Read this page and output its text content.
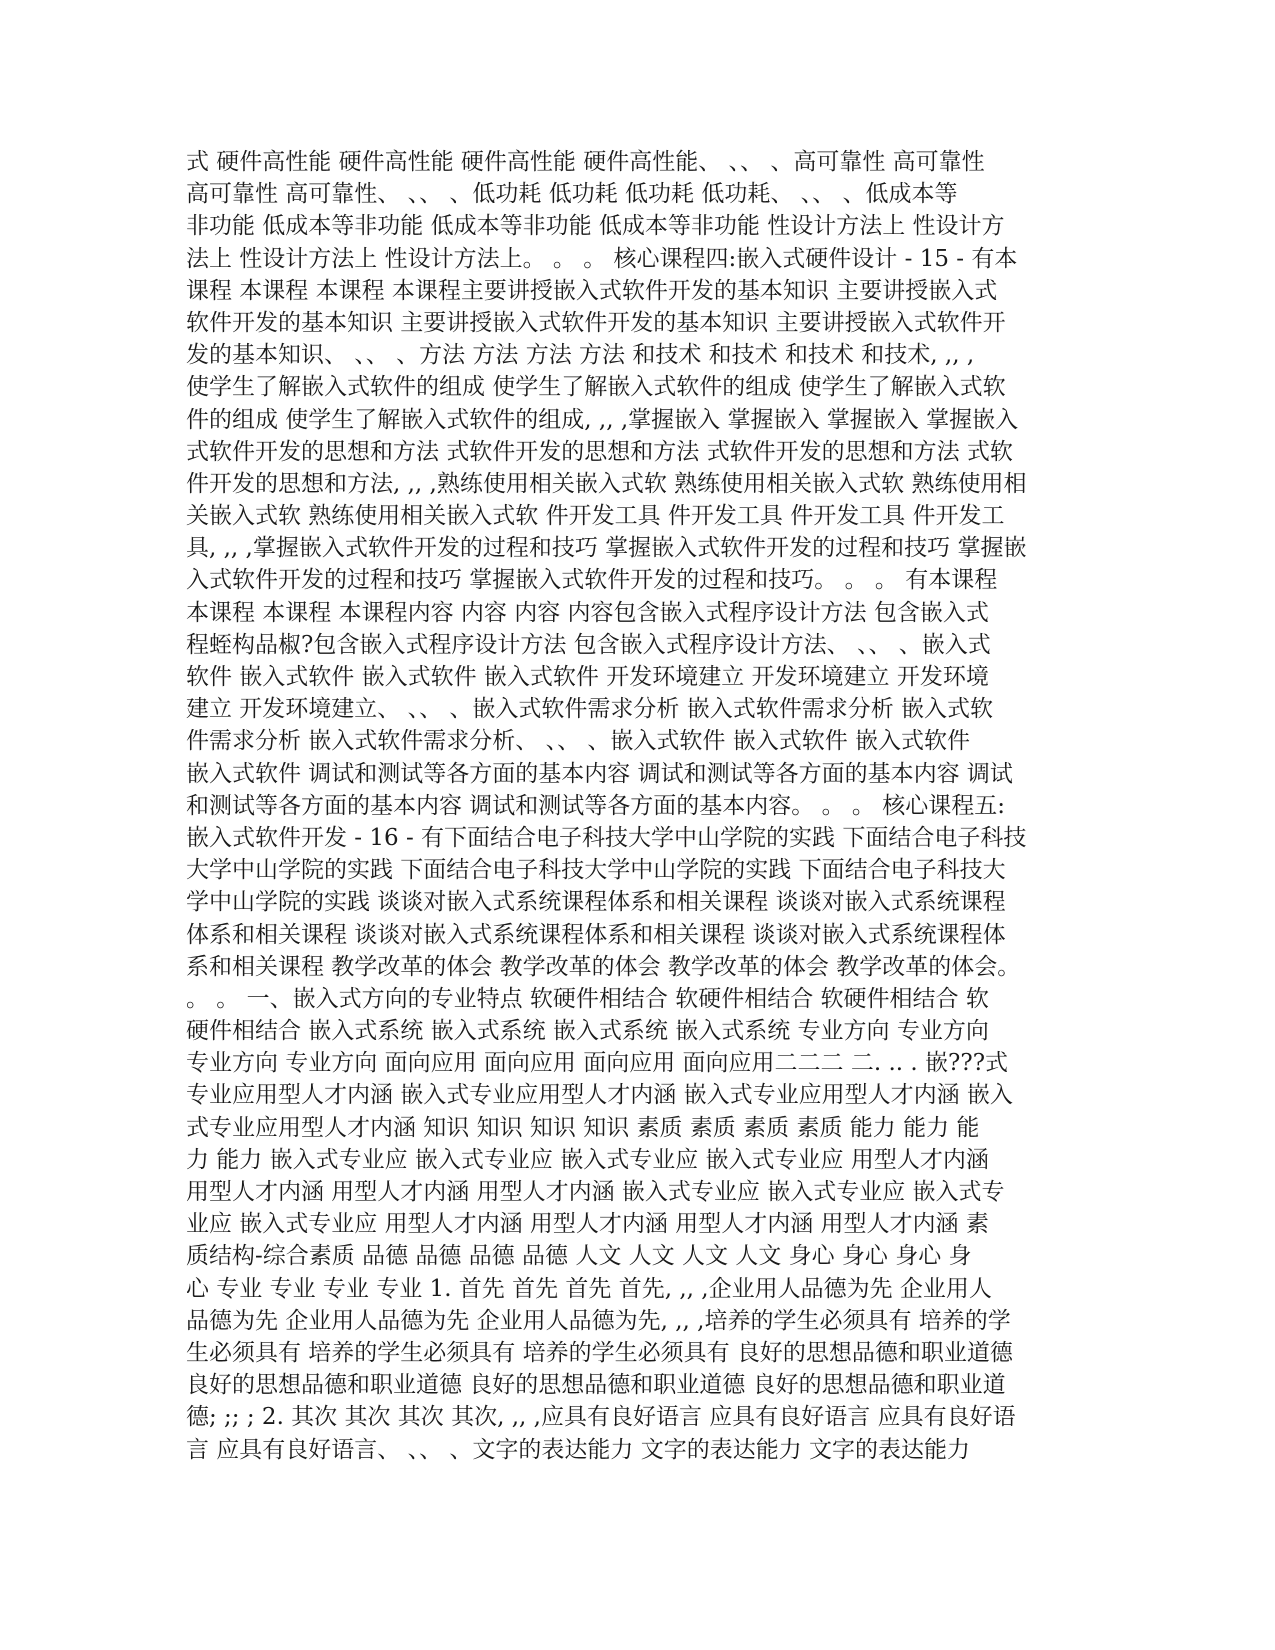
式 硬件高性能 硬件高性能 硬件高性能 硬件高性能、 、、 、高可靠性 高可靠性
高可靠性 高可靠性、 、、 、低功耗 低功耗 低功耗 低功耗、 、、 、低成本等
非功能 低成本等非功能 低成本等非功能 低成本等非功能 性设计方法上 性设计方
法上 性设计方法上 性设计方法上。 。 。 核心课程四:嵌入式硬件设计 - 15 - 有本
课程 本课程 本课程 本课程主要讲授嵌入式软件开发的基本知识 主要讲授嵌入式
软件开发的基本知识 主要讲授嵌入式软件开发的基本知识 主要讲授嵌入式软件开
发的基本知识、 、、 、方法 方法 方法 方法 和技术 和技术 和技术 和技术, ,, ,
使学生了解嵌入式软件的组成 使学生了解嵌入式软件的组成 使学生了解嵌入式软
件的组成 使学生了解嵌入式软件的组成, ,, ,掌握嵌入 掌握嵌入 掌握嵌入 掌握嵌入
式软件开发的思想和方法 式软件开发的思想和方法 式软件开发的思想和方法 式软
件开发的思想和方法, ,, ,熟练使用相关嵌入式软 熟练使用相关嵌入式软 熟练使用相
关嵌入式软 熟练使用相关嵌入式软 件开发工具 件开发工具 件开发工具 件开发工
具, ,, ,掌握嵌入式软件开发的过程和技巧 掌握嵌入式软件开发的过程和技巧 掌握嵌
入式软件开发的过程和技巧 掌握嵌入式软件开发的过程和技巧。 。 。 有本课程
本课程 本课程 本课程内容 内容 内容 内容包含嵌入式程序设计方法 包含嵌入式
程蛭构品椒?包含嵌入式程序设计方法 包含嵌入式程序设计方法、 、、 、嵌入式
软件 嵌入式软件 嵌入式软件 嵌入式软件 开发环境建立 开发环境建立 开发环境
建立 开发环境建立、 、、 、嵌入式软件需求分析 嵌入式软件需求分析 嵌入式软
件需求分析 嵌入式软件需求分析、 、、 、嵌入式软件 嵌入式软件 嵌入式软件
嵌入式软件 调试和测试等各方面的基本内容 调试和测试等各方面的基本内容 调试
和测试等各方面的基本内容 调试和测试等各方面的基本内容。 。 。 核心课程五:
嵌入式软件开发 - 16 - 有下面结合电子科技大学中山学院的实践 下面结合电子科技
大学中山学院的实践 下面结合电子科技大学中山学院的实践 下面结合电子科技大
学中山学院的实践 谈谈对嵌入式系统课程体系和相关课程 谈谈对嵌入式系统课程
体系和相关课程 谈谈对嵌入式系统课程体系和相关课程 谈谈对嵌入式系统课程体
系和相关课程 教学改革的体会 教学改革的体会 教学改革的体会 教学改革的体会。
。 。 一、嵌入式方向的专业特点 软硬件相结合 软硬件相结合 软硬件相结合 软
硬件相结合 嵌入式系统 嵌入式系统 嵌入式系统 嵌入式系统 专业方向 专业方向
专业方向 专业方向 面向应用 面向应用 面向应用 面向应用二二二 二. .. . 嵌???式
专业应用型人才内涵 嵌入式专业应用型人才内涵 嵌入式专业应用型人才内涵 嵌入
式专业应用型人才内涵 知识 知识 知识 知识 素质 素质 素质 素质 能力 能力 能
力 能力 嵌入式专业应 嵌入式专业应 嵌入式专业应 嵌入式专业应 用型人才内涵
用型人才内涵 用型人才内涵 用型人才内涵 嵌入式专业应 嵌入式专业应 嵌入式专
业应 嵌入式专业应 用型人才内涵 用型人才内涵 用型人才内涵 用型人才内涵 素
质结构-综合素质 品德 品德 品德 品德 人文 人文 人文 人文 身心 身心 身心 身
心 专业 专业 专业 专业 1. 首先 首先 首先 首先, ,, ,企业用人品德为先 企业用人
品德为先 企业用人品德为先 企业用人品德为先, ,, ,培养的学生必须具有 培养的学
生必须具有 培养的学生必须具有 培养的学生必须具有 良好的思想品德和职业道德
良好的思想品德和职业道德 良好的思想品德和职业道德 良好的思想品德和职业道
德; ;; ; 2. 其次 其次 其次 其次, ,, ,应具有良好语言 应具有良好语言 应具有良好语
言 应具有良好语言、 、、 、文字的表达能力 文字的表达能力 文字的表达能力
